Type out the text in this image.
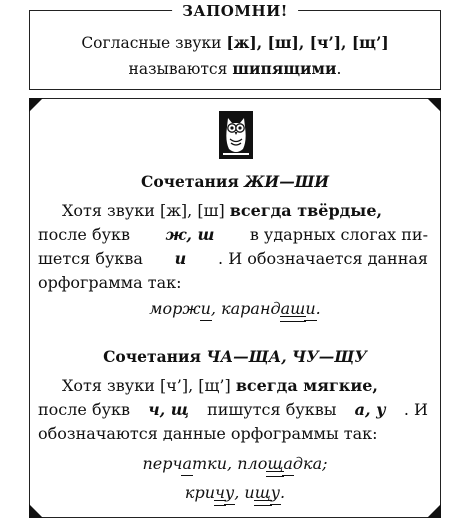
ЗАПОМНИ!
Согласные звуки [ж], [ш], [ч’], [щ’]
называются шипящими.
Сочетания ЖИ—ШИ
Хотя звуки [ж], [ш] всегда твёрдые,
после букв ж, ш в ударных слогах пи-
шется буква и . И обозначается данная
орфограмма так:
моржи, карандаши.
Сочетания ЧА—ЩА, ЧУ—ЩУ
Хотя звуки [ч’], [щ’] всегда мягкие,
после букв ч, щ пишутся буквы а, у . И
обозначаются данные орфограммы так:
перчатки, площадка;
кричу, ищу.
